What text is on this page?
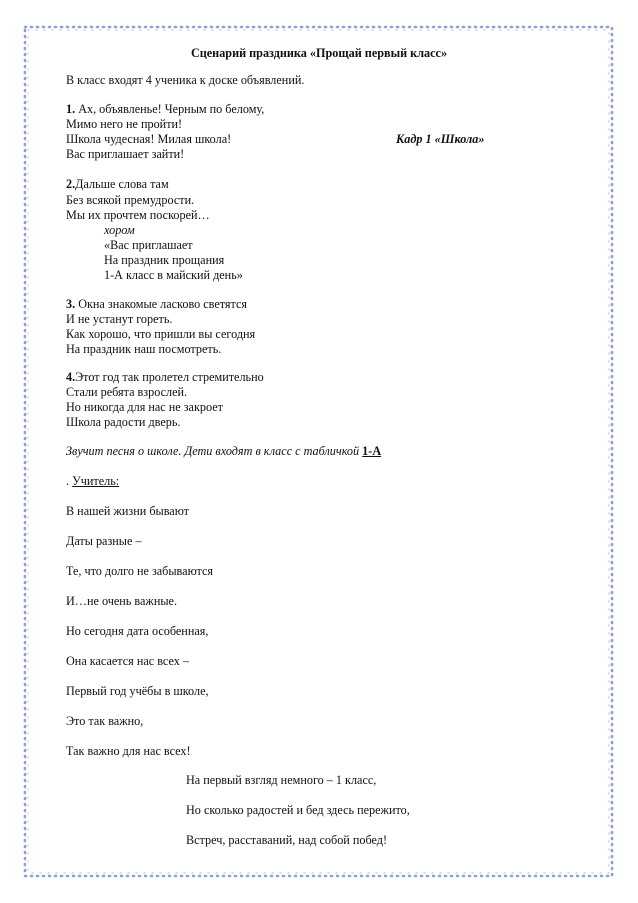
Сценарий праздника «Прощай первый класс»
В класс входят 4 ученика к доске объявлений.
1. Ах, объявленье! Черным по белому,
Мимо него не пройти!
Школа чудесная! Милая школа!	Кадр 1 «Школа»
Вас приглашает зайти!
2.Дальше слова там
Без всякой премудрости.
Мы их прочтем поскорей…
хором
«Вас приглашает
На праздник прощания
1-А класс в майский день»
3. Окна знакомые ласково светятся
И не устанут гореть.
Как хорошо, что пришли вы сегодня
На праздник наш посмотреть.
4.Этот год так пролетел стремительно
Стали ребята взрослей.
Но никогда для нас не закроет
Школа радости дверь.
Звучит песня о школе. Дети входят в класс с табличкой 1-А
. Учитель:
В нашей жизни бывают
Даты разные –
Те, что долго не забываются
И…не очень важные.
Но сегодня дата особенная,
Она касается нас всех –
Первый год учёбы в школе,
Это так важно,
Так важно для нас всех!
На первый взгляд немного – 1 класс,
Но сколько радостей и бед здесь пережито,
Встреч, расставаний, над собой побед!
